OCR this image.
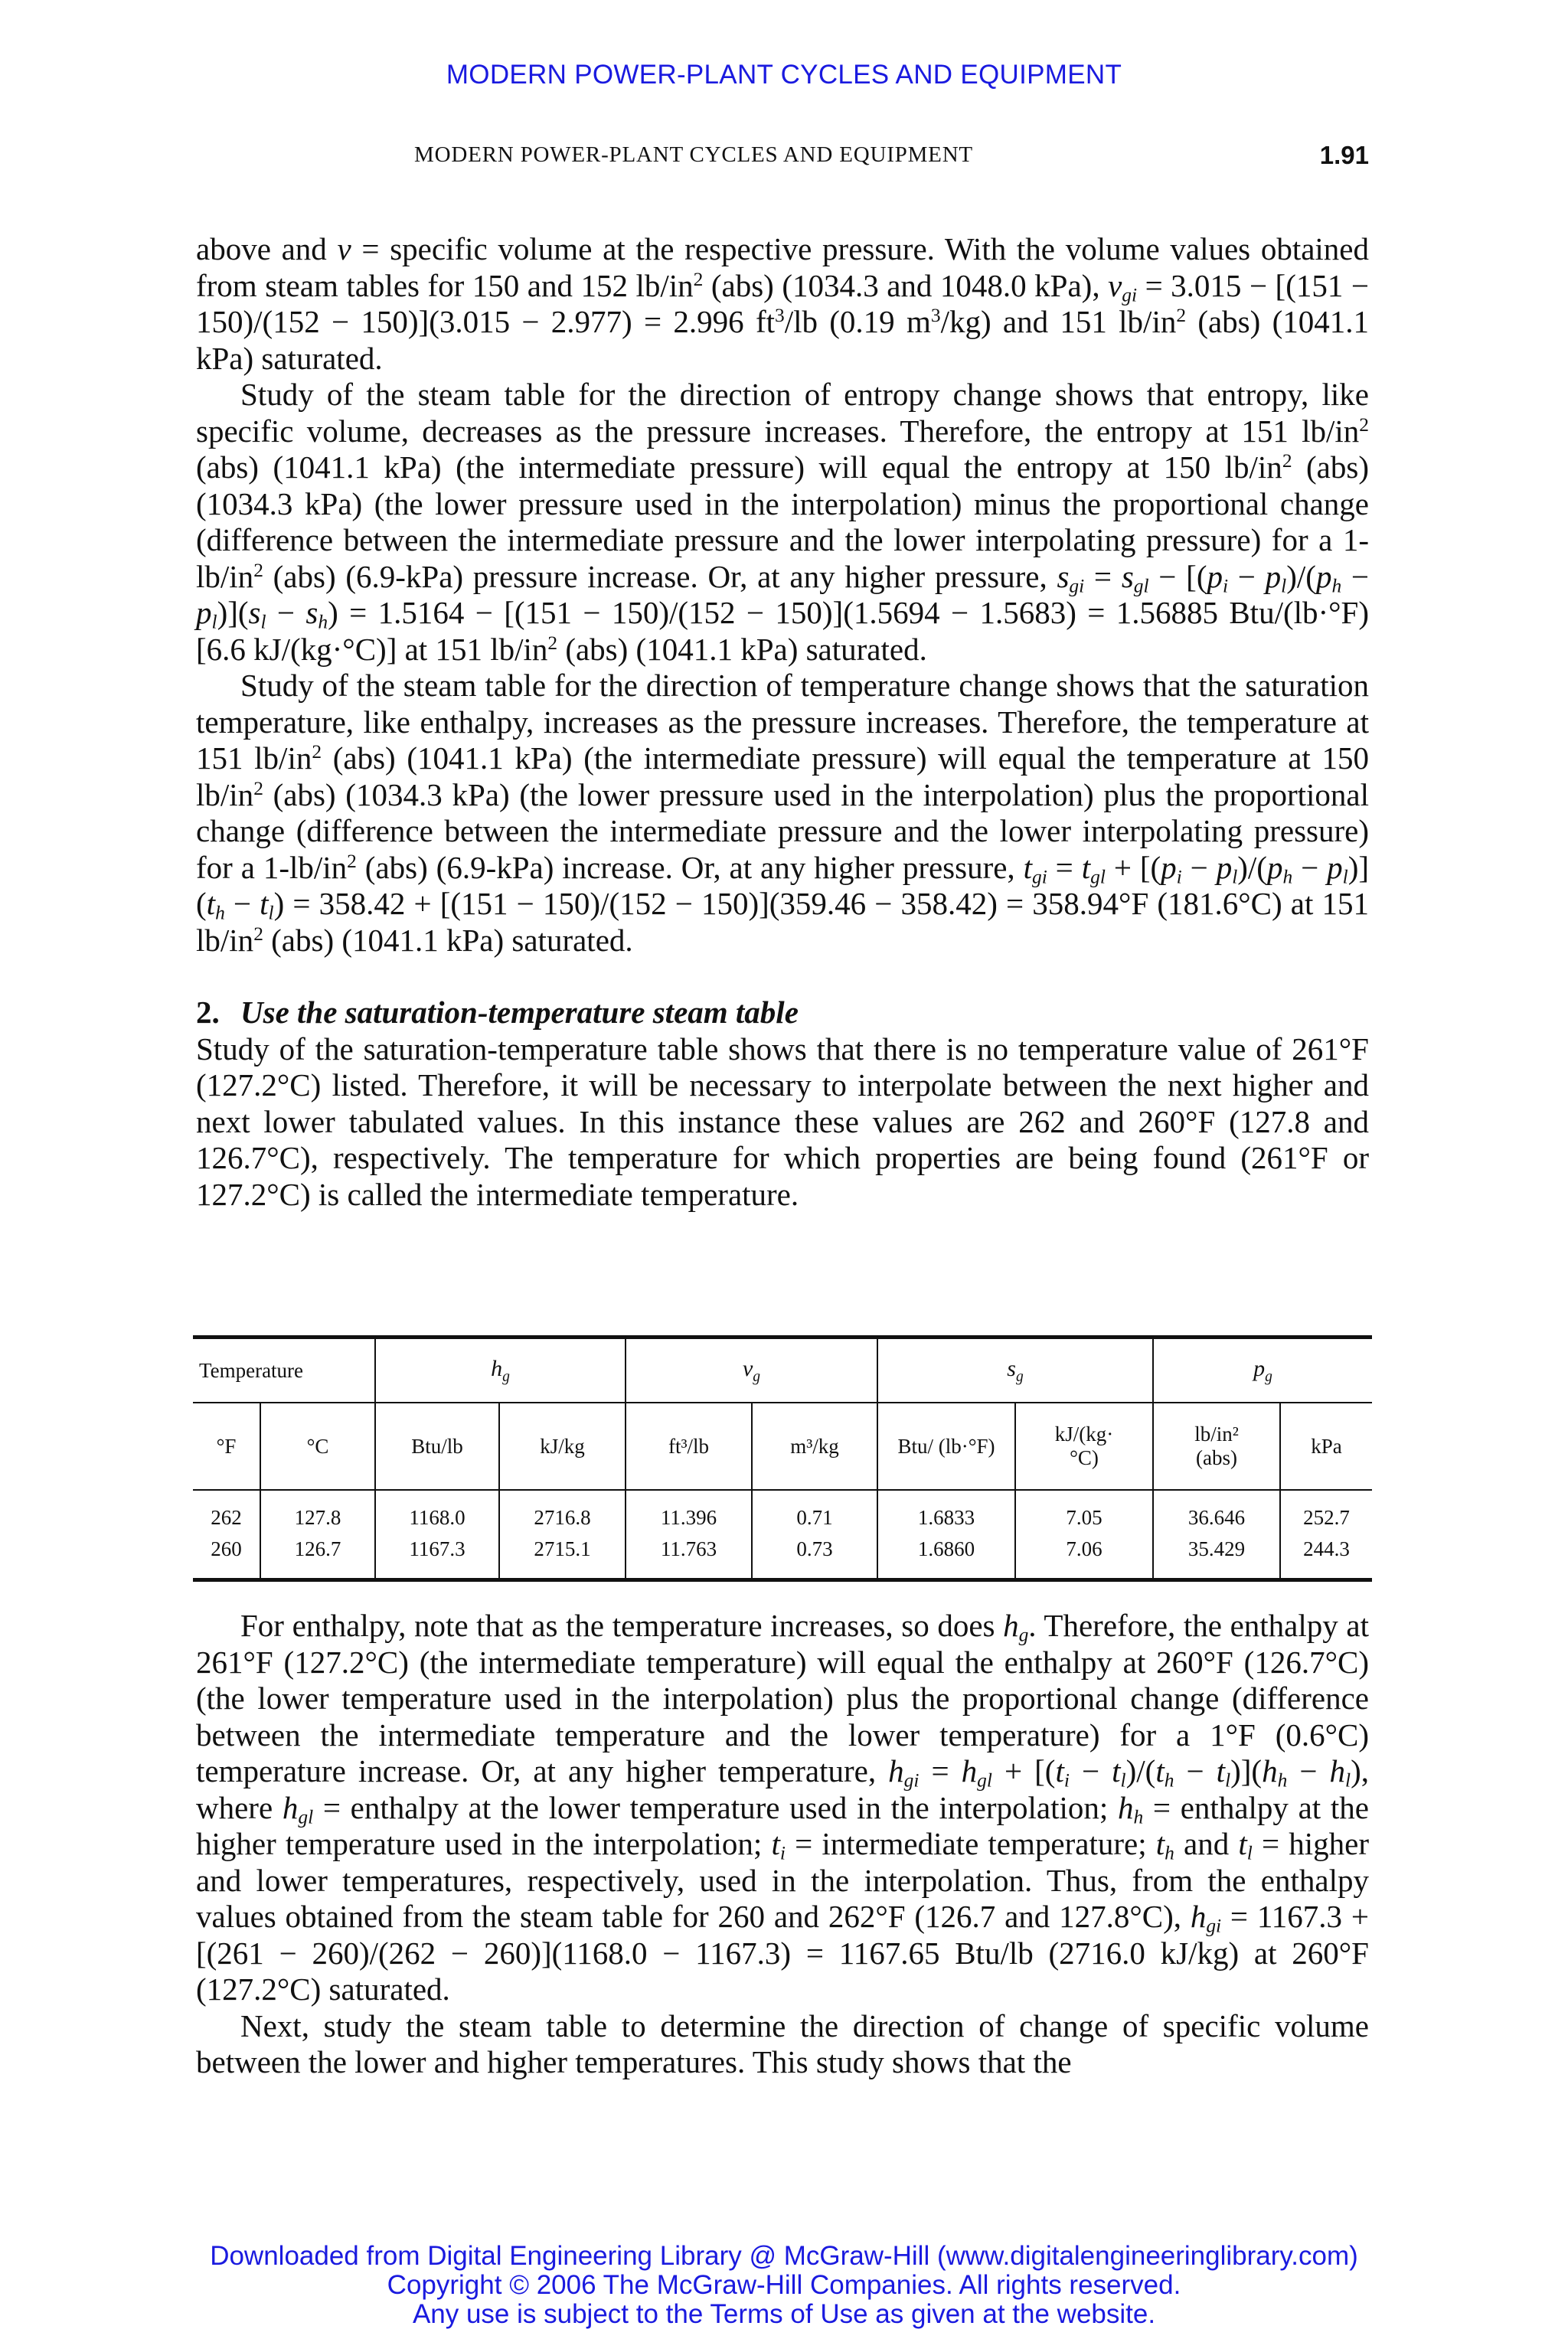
MODERN POWER-PLANT CYCLES AND EQUIPMENT
MODERN POWER-PLANT CYCLES AND EQUIPMENT	1.91

above and v = specific volume at the respective pressure. With the volume values obtained from steam tables for 150 and 152 $lb/in^2$ (abs) (1034.3 and 1048.0 kPa), $v_{gi} = 3.015 - [(151 - 150)/(152 - 150)](3.015 - 2.977) = 2.996$ $ft^3/lb$ (0.19 $m^3/kg$) and 151 $lb/in^2$ (abs) (1041.1 kPa) saturated.

Study of the steam table for the direction of entropy change shows that entropy, like specific volume, decreases as the pressure increases. Therefore, the entropy at 151 $lb/in^2$ (abs) (1041.1 kPa) (the intermediate pressure) will equal the entropy at 150 $lb/in^2$ (abs) (1034.3 kPa) (the lower pressure used in the interpolation) minus the proportional change (difference between the intermediate pressure and the lower interpolating pressure) for a $1-lb/in^2$ (abs) (6.9-kPa) pressure increase. Or, at any higher pressure, $s_{gi} = s_{gl} - [(p_i - p_l)/(p_h - p_l)](s_l - s_h) = 1.5164 - [(151 - 150)/(152 - 150)](1.5694 - 1.5683) = 1.56885$ Btu/(lb·°F) [6.6 kJ/(kg·°C)] at 151 $lb/in^2$ (abs) (1041.1 kPa) saturated.

Study of the steam table for the direction of temperature change shows that the saturation temperature, like enthalpy, increases as the pressure increases. Therefore, the temperature at 151 $lb/in^2$ (abs) (1041.1 kPa) (the intermediate pressure) will equal the temperature at 150 $lb/in^2$ (abs) (1034.3 kPa) (the lower pressure used in the interpolation) plus the proportional change (difference between the intermediate pressure and the lower interpolating pressure) for a $1-lb/in^2$ (abs) (6.9-kPa) increase. Or, at any higher pressure, $t_{gi} = t_{gl} + [(p_i - p_l)/(p_h - p_l)](t_h - t_l) = 358.42 + [(151 - 150)/(152 - 150)](359.46 - 358.42) = 358.94^\circ F$ (181.6°C) at 151 $lb/in^2$ (abs) (1041.1 kPa) saturated.

2. Use the saturation-temperature steam table

Study of the saturation-temperature table shows that there is no temperature value of 261°F (127.2°C) listed. Therefore, it will be necessary to interpolate between the next higher and next lower tabulated values. In this instance these values are 262 and 260°F (127.8 and 126.7°C), respectively. The temperature for which properties are being found (261°F or 127.2°C) is called the intermediate temperature.

Temperature		$h_g$		$v_g$		$s_g$		$p_g$
°F	°C	Btu/lb	kJ/kg	ft³/lb	m³/kg	Btu/ (lb·°F)	kJ/(kg· °C)	lb/in² (abs)	kPa
262	127.8	1168.0	2716.8	11.396	0.71	1.6833	7.05	36.646	252.7
260	126.7	1167.3	2715.1	11.763	0.73	1.6860	7.06	35.429	244.3

For enthalpy, note that as the temperature increases, so does $h_g$. Therefore, the enthalpy at 261°F (127.2°C) (the intermediate temperature) will equal the enthalpy at 260°F (126.7°C) (the lower temperature used in the interpolation) plus the proportional change (difference between the intermediate temperature and the lower temperature) for a 1°F (0.6°C) temperature increase. Or, at any higher temperature, $h_{gi} = h_{gl} + [(t_i - t_l)/(t_h - t_l)](h_h - h_l)$, where $h_{gl}$ = enthalpy at the lower temperature used in the interpolation; $h_h$ = enthalpy at the higher temperature used in the interpolation; $t_i$ = intermediate temperature; $t_h$ and $t_l$ = higher and lower temperatures, respectively, used in the interpolation. Thus, from the enthalpy values obtained from the steam table for 260 and 262°F (126.7 and 127.8°C), $h_{gi} = 1167.3 + [(261 - 260)/(262 - 260)](1168.0 - 1167.3) = 1167.65$ Btu/lb (2716.0 kJ/kg) at 260°F (127.2°C) saturated.

Next, study the steam table to determine the direction of change of specific volume between the lower and higher temperatures. This study shows that the

Downloaded from Digital Engineering Library @ McGraw-Hill (www.digitalengineeringlibrary.com)
Copyright © 2006 The McGraw-Hill Companies. All rights reserved.
Any use is subject to the Terms of Use as given at the website.
